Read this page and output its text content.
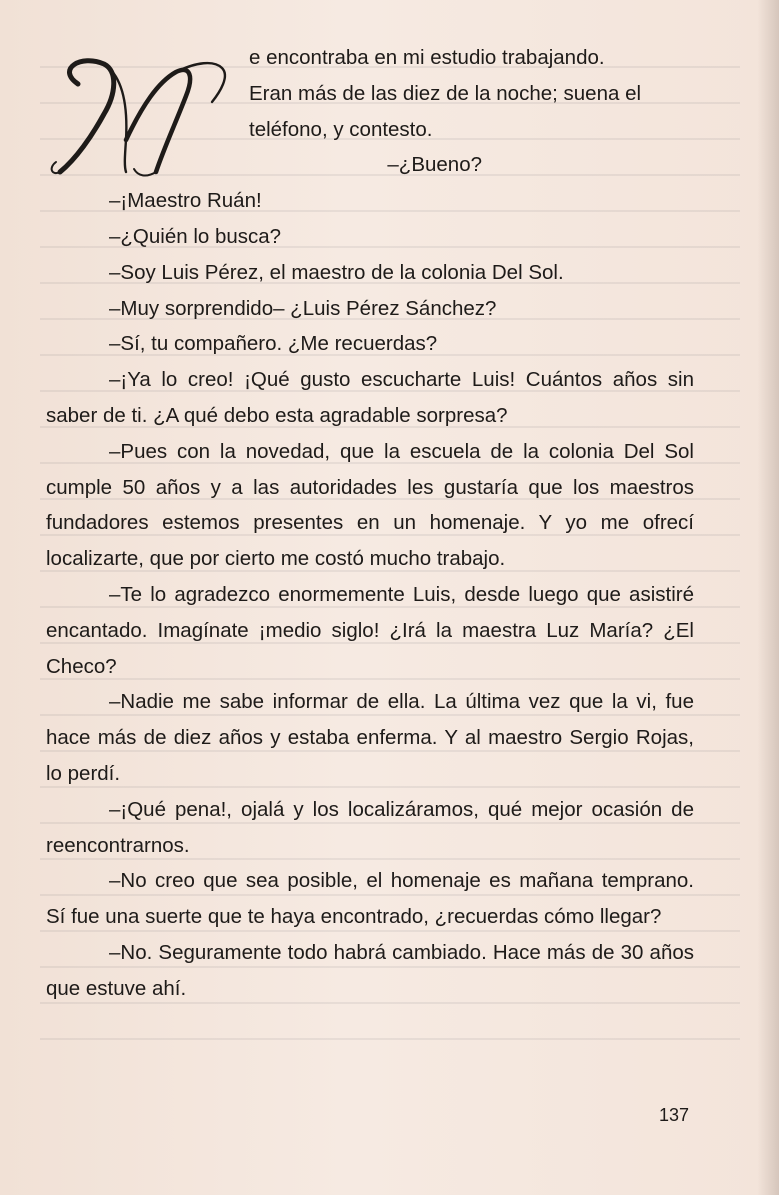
M

e encontraba en mi estudio trabajando.

Eran más de las diez de la noche; suena el

teléfono, y contesto.

–¿Bueno?

–¡Maestro Ruán!

–¿Quién lo busca?

–Soy Luis Pérez, el maestro de la colonia Del Sol.

–Muy sorprendido– ¿Luis Pérez Sánchez?

–Sí, tu compañero. ¿Me recuerdas?

–¡Ya lo creo! ¡Qué gusto escucharte Luis! Cuántos años sin saber de ti. ¿A qué debo esta agradable sorpresa?

–Pues con la novedad, que la escuela de la colonia Del Sol cumple 50 años y a las autoridades les gustaría que los maestros fundadores estemos presentes en un homenaje. Y yo me ofrecí localizarte, que por cierto me costó mucho trabajo.

–Te lo agradezco enormemente Luis, desde luego que asistiré encantado. Imagínate ¡medio siglo! ¿Irá la maestra Luz María? ¿El Checo?

–Nadie me sabe informar de ella. La última vez que la vi, fue hace más de diez años y estaba enferma. Y al maestro Sergio Rojas, lo perdí.

–¡Qué pena!, ojalá y los localizáramos, qué mejor ocasión de reencontrarnos.

–No creo que sea posible, el homenaje es mañana temprano. Sí fue una suerte que te haya encontrado, ¿recuerdas cómo llegar?

–No. Seguramente todo habrá cambiado. Hace más de 30 años que estuve ahí.

137
